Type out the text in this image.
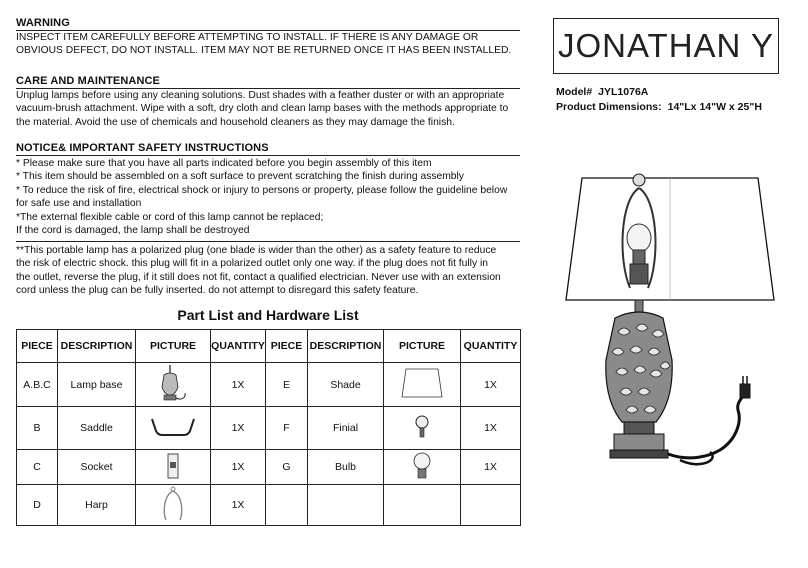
WARNING
INSPECT ITEM CAREFULLY BEFORE ATTEMPTING TO INSTALL. IF THERE IS ANY DAMAGE OR
OBVIOUS DEFECT, DO NOT INSTALL. ITEM MAY NOT BE RETURNED ONCE IT HAS BEEN INSTALLED.
CARE AND MAINTENANCE
Unplug lamps before using any cleaning solutions. Dust shades with a feather duster or with an appropriate
vacuum-brush attachment. Wipe with a soft, dry cloth and clean lamp bases with the methods appropriate to
the material. Avoid the use of chemicals and household cleaners as they may damage the finish.
NOTICE& IMPORTANT SAFETY INSTRUCTIONS
* Please make sure that you have all parts indicated before you begin assembly of this item
* This item should be assembled on a soft surface to prevent scratching the finish during assembly
* To reduce the risk of fire, electrical shock or injury to persons or property, please follow the guideline below
for safe use and installation
*The external flexible cable or cord of this lamp cannot be replaced;
If the cord is damaged, the lamp shall be destroyed
**This portable lamp has a polarized plug (one blade is wider than the other) as a safety feature to reduce
the risk of electric shock. this plug will fit in a polarized outlet only one way. if the plug does not fit fully in
the outlet, reverse the plug, if it still does not fit, contact a qualified electrician. Never use with an extension
cord unless the plug can be fully inserted. do not attempt to disregard this safety feature.
JONATHAN Y
Model# JYL1076A
Product Dimensions: 14"Lx 14"W x 25"H
Part List and Hardware List
PIECE	DESCRIPTION	PICTURE	QUANTITY	PIECE	DESCRIPTION	PICTURE	QUANTITY
A.B.C	Lamp base		1X	E	Shade		1X
B	Saddle		1X	F	Finial		1X
C	Socket		1X	G	Bulb		1X
D	Harp		1X				
